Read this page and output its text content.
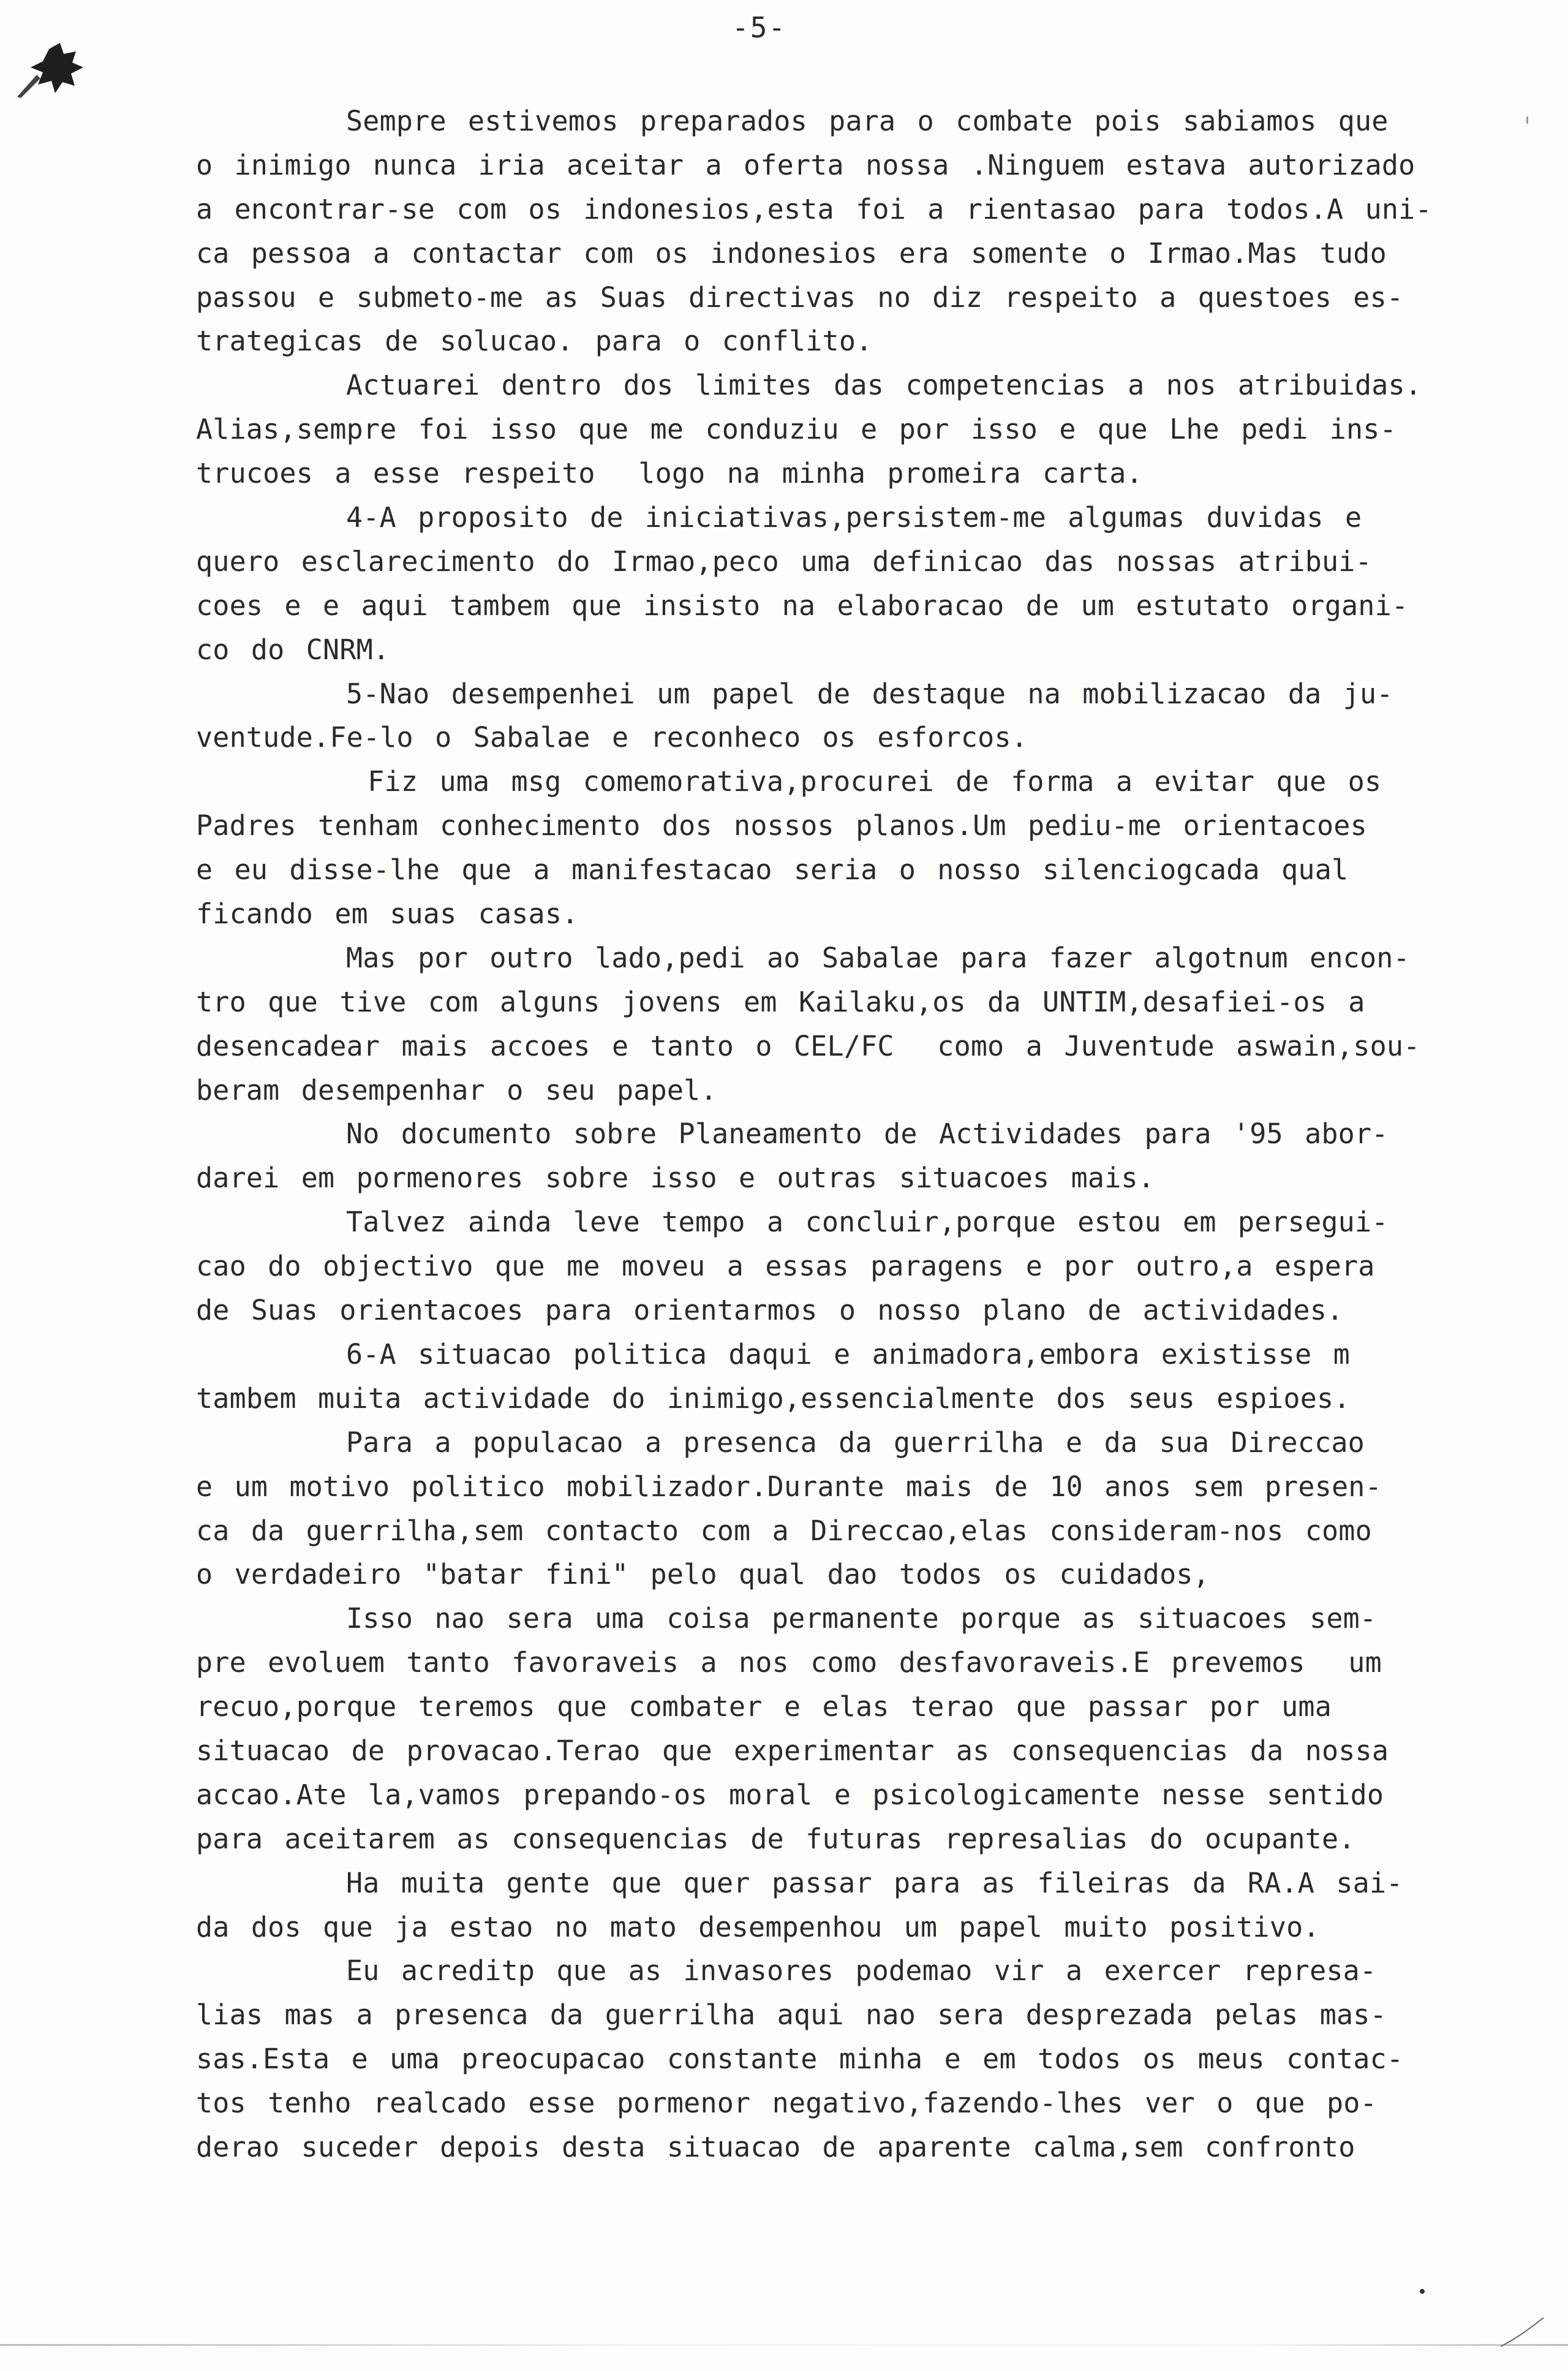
-5-
Sempre estivemos preparados para o combate pois sabiamos que
o inimigo nunca iria aceitar a oferta nossa .Ninguem estava autorizado
a encontrar-se com os indonesios,esta foi a rientasao para todos.A uni-
ca pessoa a contactar com os indonesios era somente o Irmao.Mas tudo
passou e submeto-me as Suas directivas no diz respeito a questoes es-
trategicas de solucao. para o conflito.
Actuarei dentro dos limites das competencias a nos atribuidas.
Alias,sempre foi isso que me conduziu e por isso e que Lhe pedi ins-
trucoes a esse respeito  logo na minha promeira carta.
4-A proposito de iniciativas,persistem-me algumas duvidas e
quero esclarecimento do Irmao,peco uma definicao das nossas atribui-
coes e e aqui tambem que insisto na elaboracao de um estutato organi-
co do CNRM.
5-Nao desempenhei um papel de destaque na mobilizacao da ju-
ventude.Fe-lo o Sabalae e reconheco os esforcos.
Fiz uma msg comemorativa,procurei de forma a evitar que os
Padres tenham conhecimento dos nossos planos.Um pediu-me orientacoes
e eu disse-lhe que a manifestacao seria o nosso silenciogcada qual
ficando em suas casas.
Mas por outro lado,pedi ao Sabalae para fazer algotnum encon-
tro que tive com alguns jovens em Kailaku,os da UNTIM,desafiei-os a
desencadear mais accoes e tanto o CEL/FC  como a Juventude aswain,sou-
beram desempenhar o seu papel.
No documento sobre Planeamento de Actividades para '95 abor-
darei em pormenores sobre isso e outras situacoes mais.
Talvez ainda leve tempo a concluir,porque estou em persegui-
cao do objectivo que me moveu a essas paragens e por outro,a espera
de Suas orientacoes para orientarmos o nosso plano de actividades.
6-A situacao politica daqui e animadora,embora existisse m
tambem muita actividade do inimigo,essencialmente dos seus espioes.
Para a populacao a presenca da guerrilha e da sua Direccao
e um motivo politico mobilizador.Durante mais de 10 anos sem presen-
ca da guerrilha,sem contacto com a Direccao,elas consideram-nos como
o verdadeiro "batar fini" pelo qual dao todos os cuidados,
Isso nao sera uma coisa permanente porque as situacoes sem-
pre evoluem tanto favoraveis a nos como desfavoraveis.E prevemos  um
recuo,porque teremos que combater e elas terao que passar por uma
situacao de provacao.Terao que experimentar as consequencias da nossa
accao.Ate la,vamos prepando-os moral e psicologicamente nesse sentido
para aceitarem as consequencias de futuras represalias do ocupante.
Ha muita gente que quer passar para as fileiras da RA.A sai-
da dos que ja estao no mato desempenhou um papel muito positivo.
Eu acreditp que as invasores podemao vir a exercer represa-
lias mas a presenca da guerrilha aqui nao sera desprezada pelas mas-
sas.Esta e uma preocupacao constante minha e em todos os meus contac-
tos tenho realcado esse pormenor negativo,fazendo-lhes ver o que po-
derao suceder depois desta situacao de aparente calma,sem confronto
